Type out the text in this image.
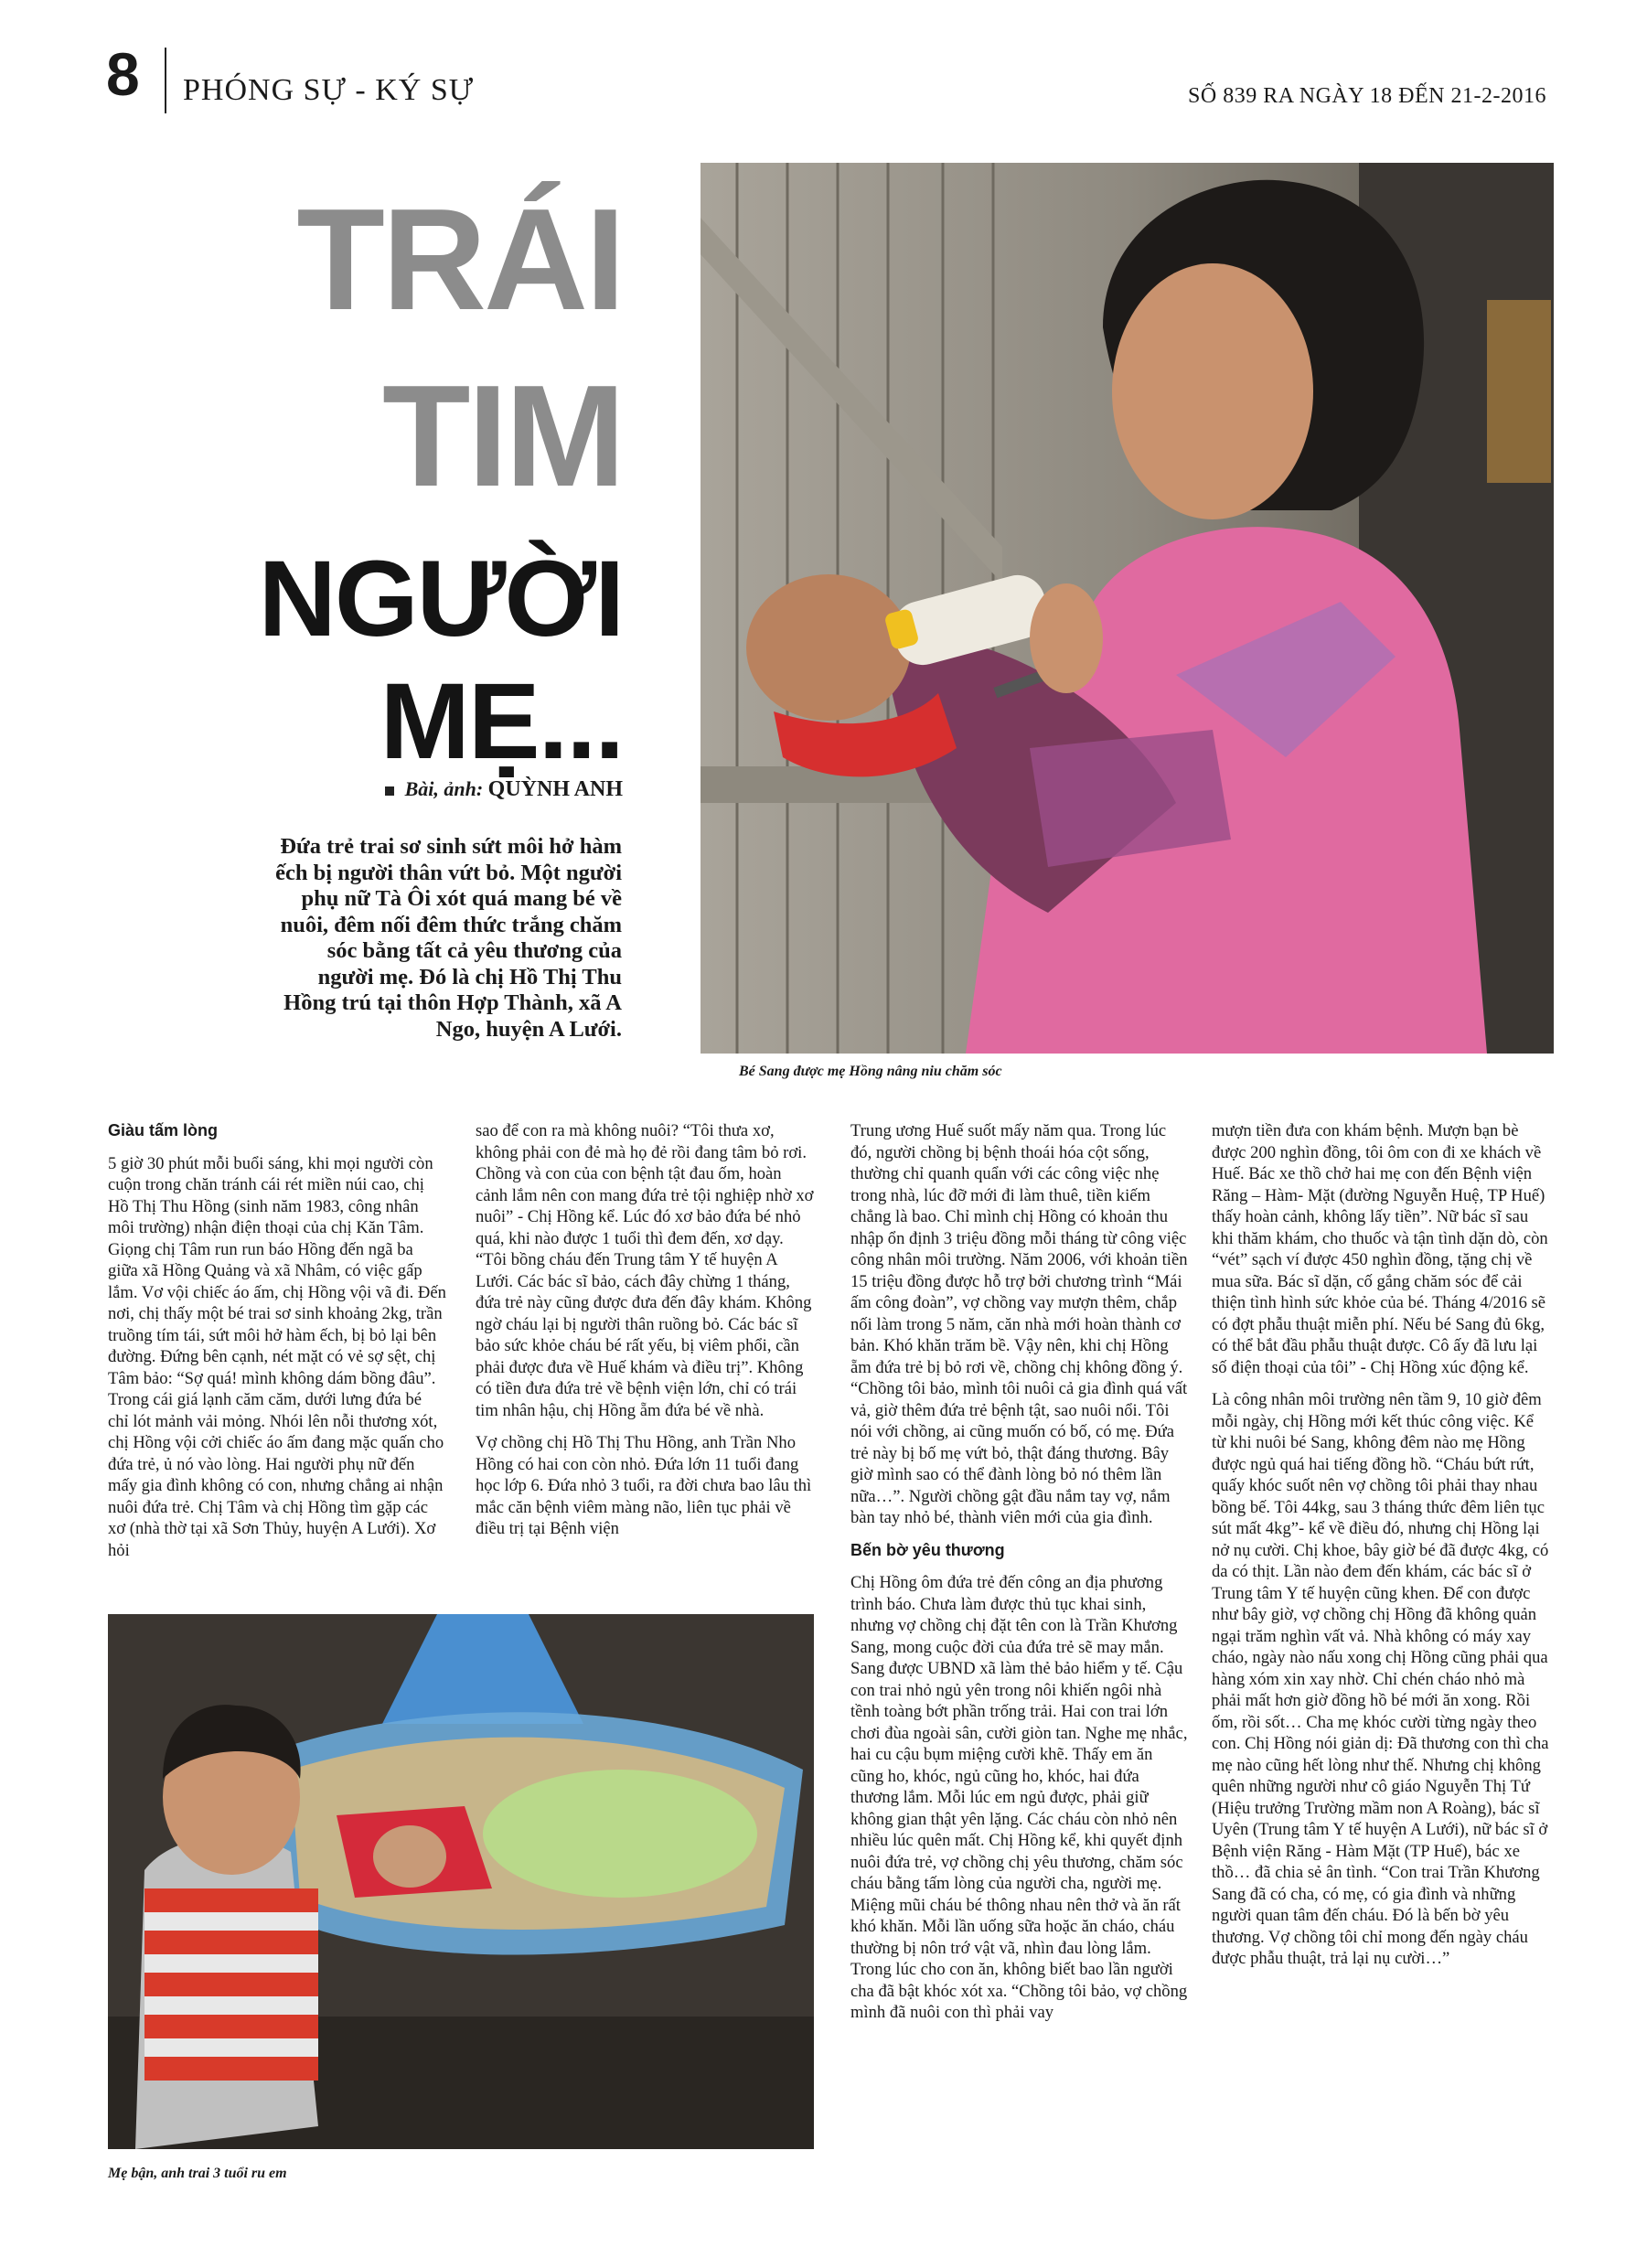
8 PHÓNG SỰ - KÝ SỰ	SỐ 839 RA NGÀY 18 ĐẾN 21-2-2016
TRÁI
TIM
NGƯỜI
MẸ...
Bài, ảnh: QUỲNH ANH
Đứa trẻ trai sơ sinh sứt môi hở hàm ếch bị người thân vứt bỏ. Một người phụ nữ Tà Ôi xót quá mang bé về nuôi, đêm nối đêm thức trắng chăm sóc bằng tất cả yêu thương của người mẹ. Đó là chị Hồ Thị Thu Hồng trú tại thôn Hợp Thành, xã A Ngo, huyện A Lưới.
Bé Sang được mẹ Hồng nâng niu chăm sóc
Giàu tấm lòng

5 giờ 30 phút mỗi buổi sáng, khi mọi người còn cuộn trong chăn tránh cái rét miền núi cao, chị Hồ Thị Thu Hồng (sinh năm 1983, công nhân môi trường) nhận điện thoại của chị Kăn Tâm. Giọng chị Tâm run run báo Hồng đến ngã ba giữa xã Hồng Quảng và xã Nhâm, có việc gấp lắm. Vơ vội chiếc áo ấm, chị Hồng vội vã đi. Đến nơi, chị thấy một bé trai sơ sinh khoảng 2kg, trần truồng tím tái, sứt môi hở hàm ếch, bị bỏ lại bên đường. Đứng bên cạnh, nét mặt có vẻ sợ sệt, chị Tâm bảo: “Sợ quá! mình không dám bồng đâu”. Trong cái giá lạnh căm căm, dưới lưng đứa bé chỉ lót mảnh vải mỏng. Nhói lên nỗi thương xót, chị Hồng vội cởi chiếc áo ấm đang mặc quấn cho đứa trẻ, ủ nó vào lòng. Hai người phụ nữ đến mấy gia đình không có con, nhưng chẳng ai nhận nuôi đứa trẻ. Chị Tâm và chị Hồng tìm gặp các xơ (nhà thờ tại xã Sơn Thủy, huyện A Lưới). Xơ hỏi

sao để con ra mà không nuôi? “Tôi thưa xơ, không phải con đẻ mà họ đẻ rồi đang tâm bỏ rơi. Chồng và con của con bệnh tật đau ốm, hoàn cảnh lắm nên con mang đứa trẻ tội nghiệp nhờ xơ nuôi” - Chị Hồng kể. Lúc đó xơ bảo đứa bé nhỏ quá, khi nào được 1 tuổi thì đem đến, xơ dạy. “Tôi bồng cháu đến Trung tâm Y tế huyện A Lưới. Các bác sĩ bảo, cách đây chừng 1 tháng, đứa trẻ này cũng được đưa đến đây khám. Không ngờ cháu lại bị người thân ruồng bỏ. Các bác sĩ bảo sức khỏe cháu bé rất yếu, bị viêm phổi, cần phải được đưa về Huế khám và điều trị”. Không có tiền đưa đứa trẻ về bệnh viện lớn, chỉ có trái tim nhân hậu, chị Hồng ẵm đứa bé về nhà.

Vợ chồng chị Hồ Thị Thu Hồng, anh Trần Nho Hồng có hai con còn nhỏ. Đứa lớn 11 tuổi đang học lớp 6. Đứa nhỏ 3 tuổi, ra đời chưa bao lâu thì mắc căn bệnh viêm màng não, liên tục phải về điều trị tại Bệnh viện

Mẹ bận, anh trai 3 tuổi ru em

Trung ương Huế suốt mấy năm qua. Trong lúc đó, người chồng bị bệnh thoái hóa cột sống, thường chỉ quanh quẩn với các công việc nhẹ trong nhà, lúc đỡ mới đi làm thuê, tiền kiếm chẳng là bao. Chỉ mình chị Hồng có khoản thu nhập ổn định 3 triệu đồng mỗi tháng từ công việc công nhân môi trường. Năm 2006, với khoản tiền 15 triệu đồng được hỗ trợ bởi chương trình “Mái ấm công đoàn”, vợ chồng vay mượn thêm, chắp nối làm trong 5 năm, căn nhà mới hoàn thành cơ bản. Khó khăn trăm bề. Vậy nên, khi chị Hồng ẵm đứa trẻ bị bỏ rơi về, chồng chị không đồng ý. “Chồng tôi bảo, mình tôi nuôi cả gia đình quá vất vả, giờ thêm đứa trẻ bệnh tật, sao nuôi nổi. Tôi nói với chồng, ai cũng muốn có bố, có mẹ. Đứa trẻ này bị bố mẹ vứt bỏ, thật đáng thương. Bây giờ mình sao có thể đành lòng bỏ nó thêm lần nữa…”. Người chồng gật đầu nắm tay vợ, nắm bàn tay nhỏ bé, thành viên mới của gia đình.

Bến bờ yêu thương

Chị Hồng ôm đứa trẻ đến công an địa phương trình báo. Chưa làm được thủ tục khai sinh, nhưng vợ chồng chị đặt tên con là Trần Khương Sang, mong cuộc đời của đứa trẻ sẽ may mắn. Sang được UBND xã làm thẻ bảo hiểm y tế. Cậu con trai nhỏ ngủ yên trong nôi khiến ngôi nhà tềnh toàng bớt phần trống trải. Hai con trai lớn chơi đùa ngoài sân, cười giòn tan. Nghe mẹ nhắc, hai cu cậu bụm miệng cười khẽ. Thấy em ăn cũng ho, khóc, ngủ cũng ho, khóc, hai đứa thương lắm. Mỗi lúc em ngủ được, phải giữ không gian thật yên lặng. Các cháu còn nhỏ nên nhiều lúc quên mất. Chị Hồng kể, khi quyết định nuôi đứa trẻ, vợ chồng chị yêu thương, chăm sóc cháu bằng tấm lòng của người cha, người mẹ. Miệng mũi cháu bé thông nhau nên thở và ăn rất khó khăn. Mỗi lần uống sữa hoặc ăn cháo, cháu thường bị nôn trớ vật vã, nhìn đau lòng lắm. Trong lúc cho con ăn, không biết bao lần người cha đã bật khóc xót xa. “Chồng tôi bảo, vợ chồng mình đã nuôi con thì phải vay

mượn tiền đưa con khám bệnh. Mượn bạn bè được 200 nghìn đồng, tôi ôm con đi xe khách về Huế. Bác xe thồ chở hai mẹ con đến Bệnh viện Răng – Hàm- Mặt (đường Nguyễn Huệ, TP Huế) thấy hoàn cảnh, không lấy tiền”. Nữ bác sĩ sau khi thăm khám, cho thuốc và tận tình dặn dò, còn “vét” sạch ví được 450 nghìn đồng, tặng chị về mua sữa. Bác sĩ dặn, cố gắng chăm sóc để cải thiện tình hình sức khỏe của bé. Tháng 4/2016 sẽ có đợt phẫu thuật miễn phí. Nếu bé Sang đủ 6kg, có thể bắt đầu phẫu thuật được. Cô ấy đã lưu lại số điện thoại của tôi” - Chị Hồng xúc động kể.

Là công nhân môi trường nên tầm 9, 10 giờ đêm mỗi ngày, chị Hồng mới kết thúc công việc. Kể từ khi nuôi bé Sang, không đêm nào mẹ Hồng được ngủ quá hai tiếng đồng hồ. “Cháu bứt rứt, quấy khóc suốt nên vợ chồng tôi phải thay nhau bồng bế. Tôi 44kg, sau 3 tháng thức đêm liên tục sút mất 4kg”- kể về điều đó, nhưng chị Hồng lại nở nụ cười. Chị khoe, bây giờ bé đã được 4kg, có da có thịt. Lần nào đem đến khám, các bác sĩ ở Trung tâm Y tế huyện cũng khen. Để con được như bây giờ, vợ chồng chị Hồng đã không quản ngại trăm nghìn vất vả. Nhà không có máy xay cháo, ngày nào nấu xong chị Hồng cũng phải qua hàng xóm xin xay nhờ. Chỉ chén cháo nhỏ mà phải mất hơn giờ đồng hồ bé mới ăn xong. Rồi ốm, rồi sốt… Cha mẹ khóc cười từng ngày theo con. Chị Hồng nói giản dị: Đã thương con thì cha mẹ nào cũng hết lòng như thế. Nhưng chị không quên những người như cô giáo Nguyễn Thị Tứ (Hiệu trưởng Trường mầm non A Roàng), bác sĩ Uyên (Trung tâm Y tế huyện A Lưới), nữ bác sĩ ở Bệnh viện Răng - Hàm Mặt (TP Huế), bác xe thồ… đã chia sẻ ân tình. “Con trai Trần Khương Sang đã có cha, có mẹ, có gia đình và những người quan tâm đến cháu. Đó là bến bờ yêu thương. Vợ chồng tôi chỉ mong đến ngày cháu được phẫu thuật, trả lại nụ cười…”
